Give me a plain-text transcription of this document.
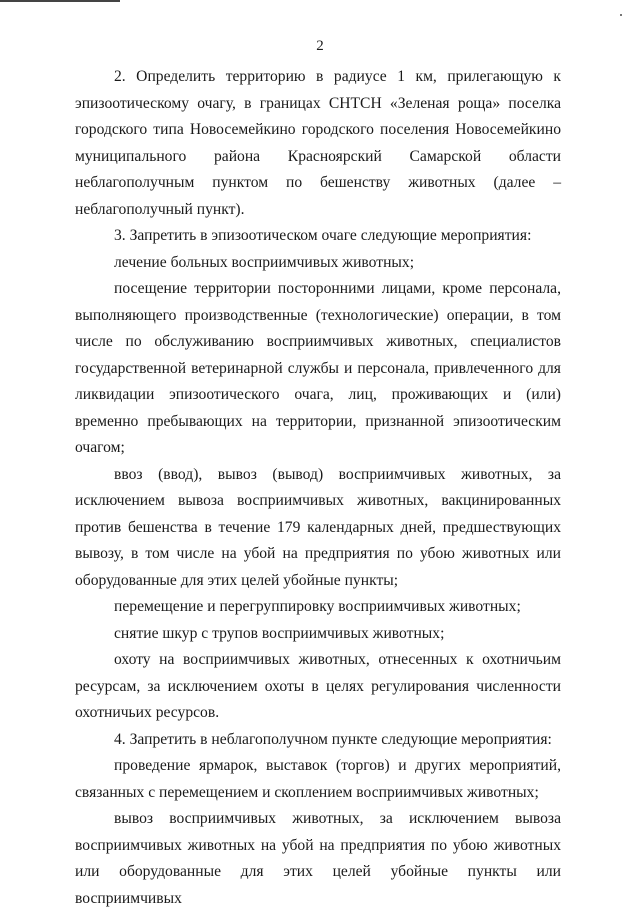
2

2. Определить территорию в радиусе 1 км, прилегающую к эпизоотическому очагу, в границах СНТСН «Зеленая роща» поселка городского типа Новосемейкино городского поселения Новосемейкино муниципального района Красноярский Самарской области неблагополучным пунктом по бешенству животных (далее – неблагополучный пункт).

3. Запретить в эпизоотическом очаге следующие мероприятия:

лечение больных восприимчивых животных;

посещение территории посторонними лицами, кроме персонала, выполняющего производственные (технологические) операции, в том числе по обслуживанию восприимчивых животных, специалистов государственной ветеринарной службы и персонала, привлеченного для ликвидации эпизоотического очага, лиц, проживающих и (или) временно пребывающих на территории, признанной эпизоотическим очагом;

ввоз (ввод), вывоз (вывод) восприимчивых животных, за исключением вывоза восприимчивых животных, вакцинированных против бешенства в течение 179 календарных дней, предшествующих вывозу, в том числе на убой на предприятия по убою животных или оборудованные для этих целей убойные пункты;

перемещение и перегруппировку восприимчивых животных;

снятие шкур с трупов восприимчивых животных;

охоту на восприимчивых животных, отнесенных к охотничьим ресурсам, за исключением охоты в целях регулирования численности охотничьих ресурсов.

4. Запретить в неблагополучном пункте следующие мероприятия:

проведение ярмарок, выставок (торгов) и других мероприятий, связанных с перемещением и скоплением восприимчивых животных;

вывоз восприимчивых животных, за исключением вывоза восприимчивых животных на убой на предприятия по убою животных или оборудованные для этих целей убойные пункты или восприимчивых
